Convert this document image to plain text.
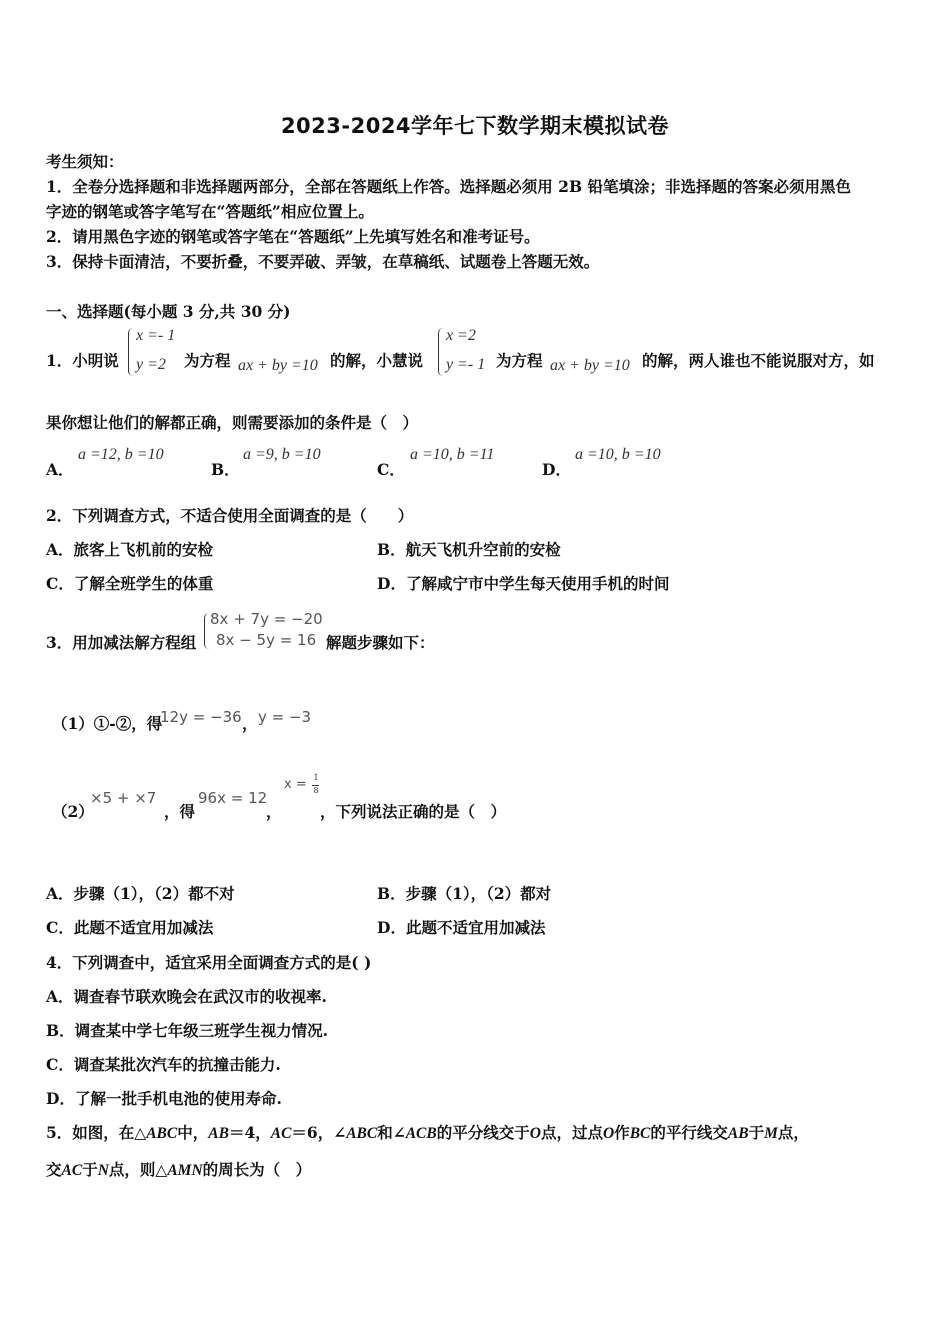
2023-2024学年七下数学期末模拟试卷
考生须知：
1．全卷分选择题和非选择题两部分，全部在答题纸上作答。选择题必须用 2B 铅笔填涂；非选择题的答案必须用黑色
字迹的钢笔或答字笔写在“答题纸”相应位置上。
2．请用黑色字迹的钢笔或答字笔在“答题纸”上先填写姓名和准考证号。
3．保持卡面清洁，不要折叠，不要弄破、弄皱，在草稿纸、试题卷上答题无效。
一、选择题(每小题 3 分,共 30 分)
1．小明说
x =- 1
y =2 为方程 ax + by =10 的解，小慧说
x =2
y =- 1 为方程 ax + by =10 的解，两人谁也不能说服对方，如
果你想让他们的解都正确，则需要添加的条件是（　）
A．
a =12, b =10
B．
a =9, b =10
C．
a =10, b =11
D．
a =10, b =10
2．下列调查方式，不适合使用全面调查的是（　　）
A．旅客上飞机前的安检	B．航天飞机升空前的安检
C．了解全班学生的体重	D．了解咸宁市中学生每天使用手机的时间
3．用加减法解方程组
8x + 7y = −20
8x − 5y = 16 解题步骤如下：
（1）①-②，得
12y = −36 ， y = −3
（2）
×5 + ×7
，得
96x = 12
，
x = 1
8
，下列说法正确的是（　）
A．步骤（1），（2）都不对	B．步骤（1），（2）都对
C．此题不适宜用加减法	D．此题不适宜用加减法
4．下列调查中，适宜采用全面调查方式的是( )
A．调查春节联欢晚会在武汉市的收视率.
B．调查某中学七年级三班学生视力情况.
C．调查某批次汽车的抗撞击能力.
D．了解一批手机电池的使用寿命.
5．如图，在△ABC中，AB＝4，AC＝6，∠ABC和∠ACB的平分线交于O点，过点O作BC的平行线交AB于M点，
交AC于N点，则△AMN的周长为（　）
